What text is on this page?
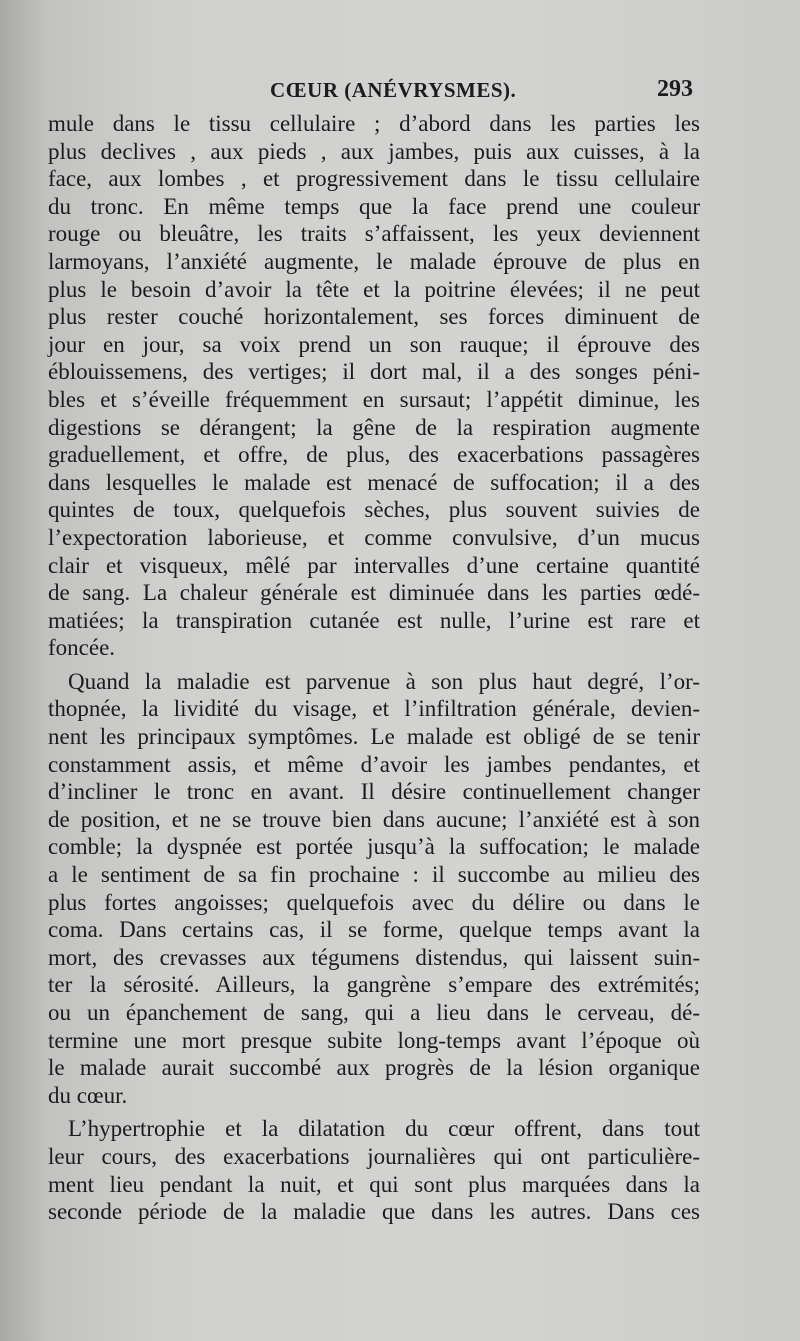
CŒUR (ANÉVRYSMES).	293
mule dans le tissu cellulaire ; d’abord dans les parties les
plus declives , aux pieds , aux jambes, puis aux cuisses, à la
face, aux lombes , et progressivement dans le tissu cellulaire
du tronc. En même temps que la face prend une couleur
rouge ou bleuâtre, les traits s’affaissent, les yeux deviennent
larmoyans, l’anxiété augmente, le malade éprouve de plus en
plus le besoin d’avoir la tête et la poitrine élevées; il ne peut
plus rester couché horizontalement, ses forces diminuent de
jour en jour, sa voix prend un son rauque; il éprouve des
éblouissemens, des vertiges; il dort mal, il a des songes péni-
bles et s’éveille fréquemment en sursaut; l’appétit diminue, les
digestions se dérangent; la gêne de la respiration augmente
graduellement, et offre, de plus, des exacerbations passagères
dans lesquelles le malade est menacé de suffocation; il a des
quintes de toux, quelquefois sèches, plus souvent suivies de
l’expectoration laborieuse, et comme convulsive, d’un mucus
clair et visqueux, mêlé par intervalles d’une certaine quantité
de sang. La chaleur générale est diminuée dans les parties œdé-
matiées; la transpiration cutanée est nulle, l’urine est rare et
foncée.
Quand la maladie est parvenue à son plus haut degré, l’or-
thopnée, la lividité du visage, et l’infiltration générale, devien-
nent les principaux symptômes. Le malade est obligé de se tenir
constamment assis, et même d’avoir les jambes pendantes, et
d’incliner le tronc en avant. Il désire continuellement changer
de position, et ne se trouve bien dans aucune; l’anxiété est à son
comble; la dyspnée est portée jusqu’à la suffocation; le malade
a le sentiment de sa fin prochaine : il succombe au milieu des
plus fortes angoisses; quelquefois avec du délire ou dans le
coma. Dans certains cas, il se forme, quelque temps avant la
mort, des crevasses aux tégumens distendus, qui laissent suin-
ter la sérosité. Ailleurs, la gangrène s’empare des extrémités;
ou un épanchement de sang, qui a lieu dans le cerveau, dé-
termine une mort presque subite long-temps avant l’époque où
le malade aurait succombé aux progrès de la lésion organique
du cœur.
L’hypertrophie et la dilatation du cœur offrent, dans tout
leur cours, des exacerbations journalières qui ont particulière-
ment lieu pendant la nuit, et qui sont plus marquées dans la
seconde période de la maladie que dans les autres. Dans ces
